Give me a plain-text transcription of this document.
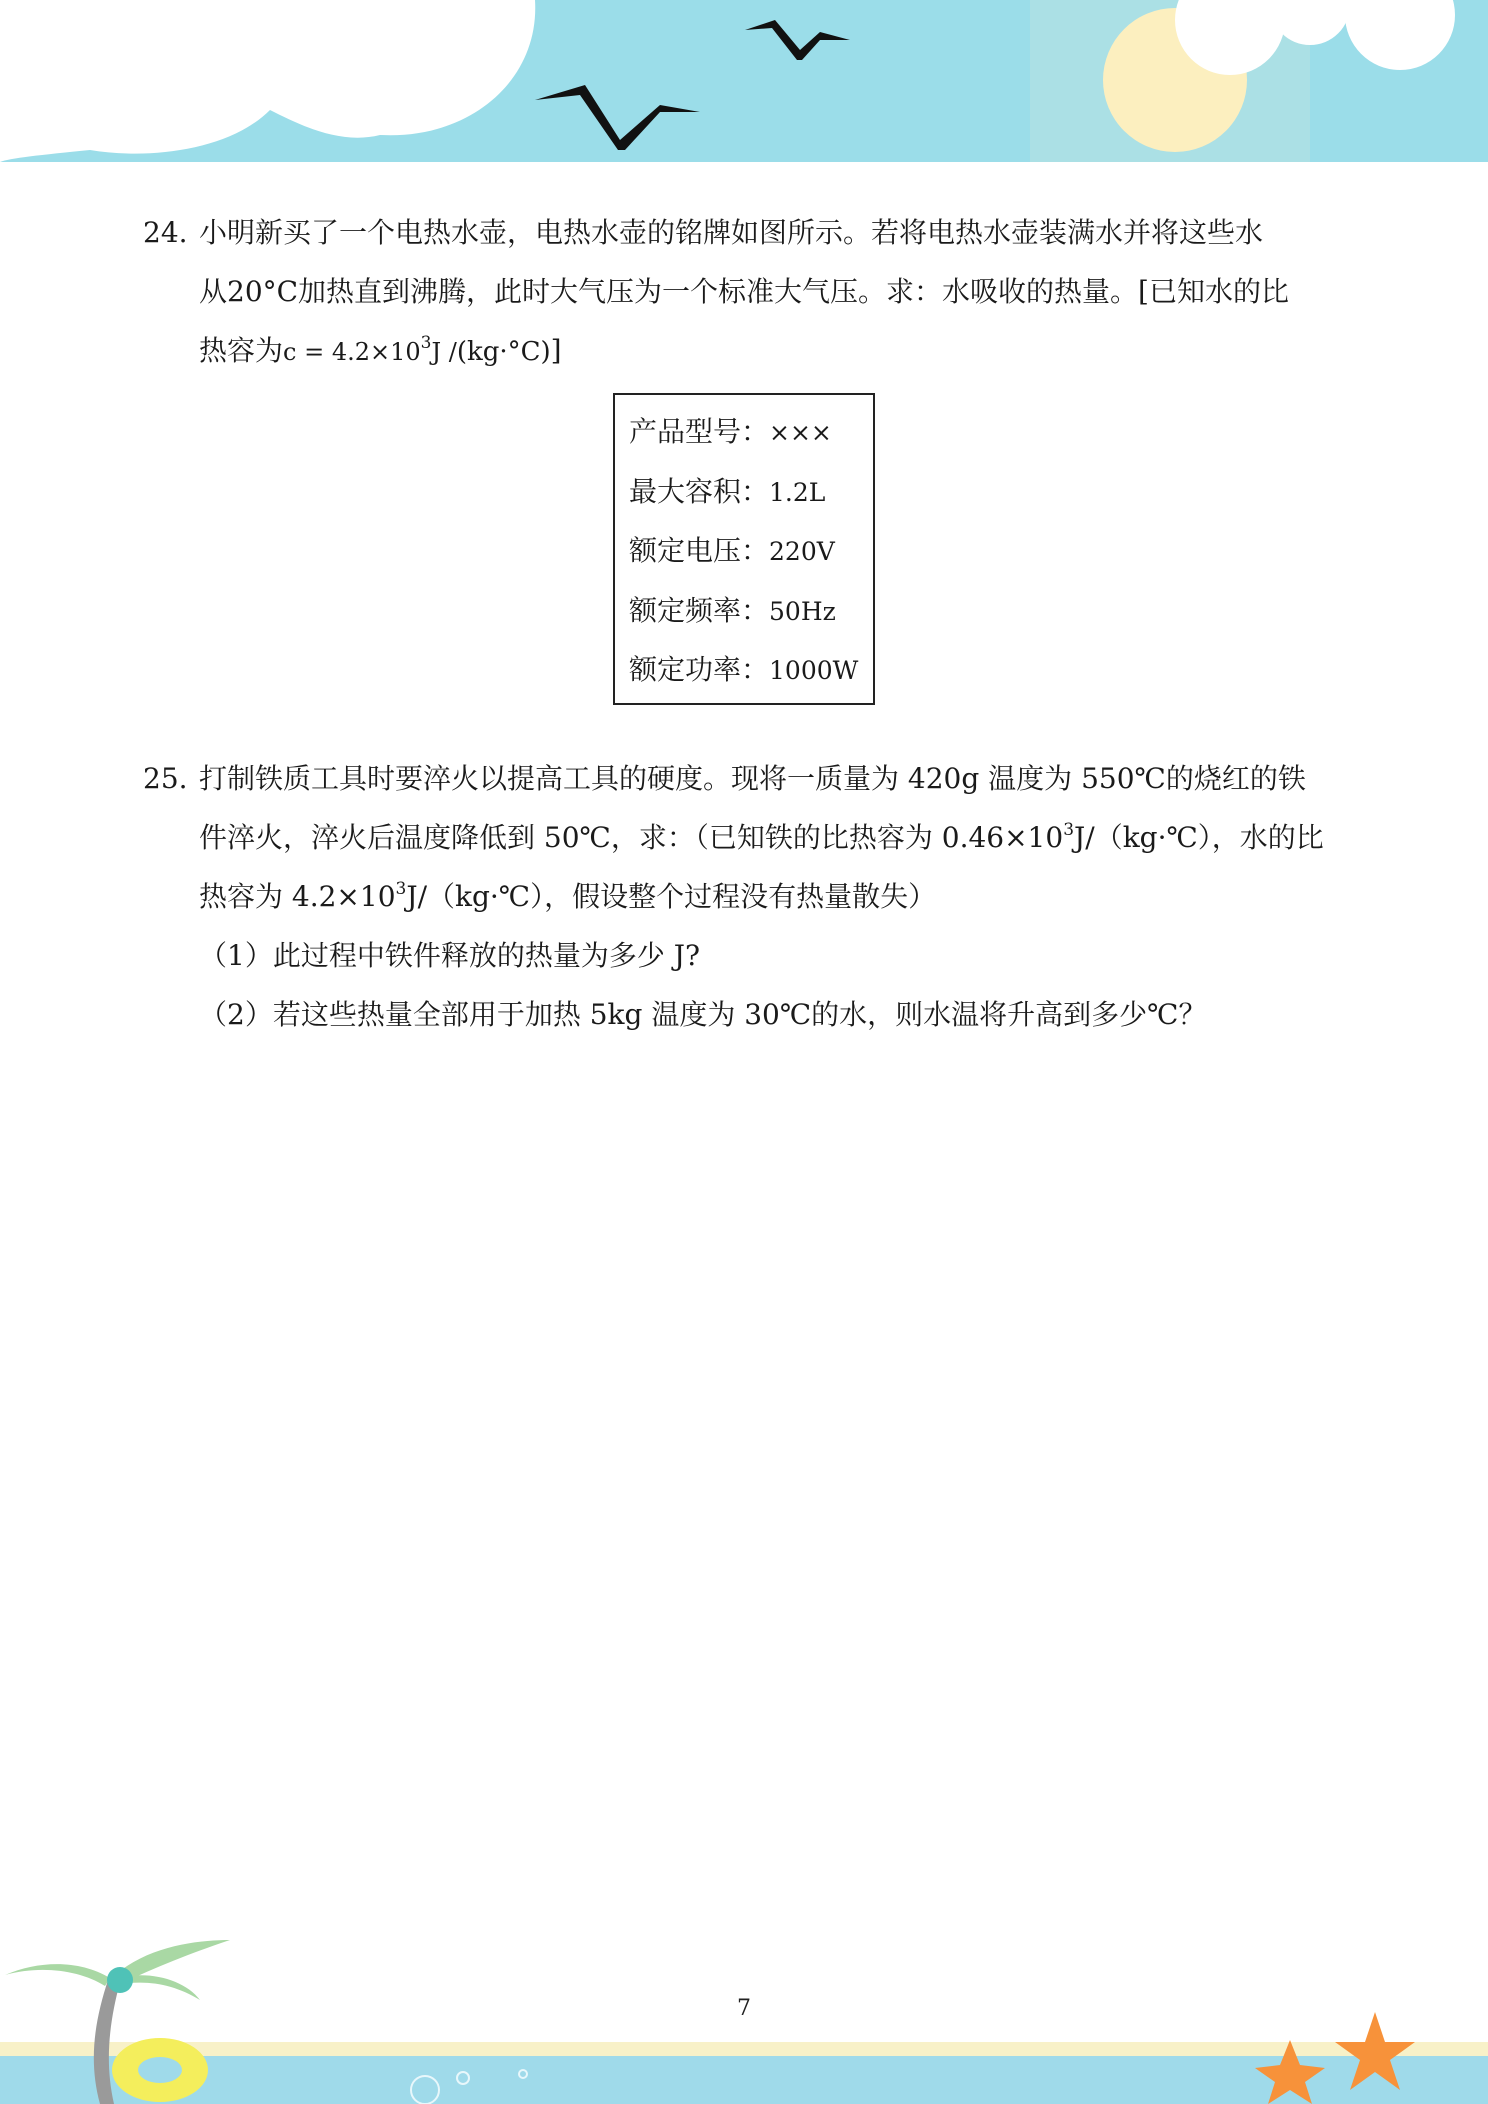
24. 小明新买了一个电热水壶，电热水壶的铭牌如图所示。若将电热水壶装满水并将这些水
从20°C加热直到沸腾，此时大气压为一个标准大气压。求：水吸收的热量。[已知水的比
热容为$c = 4.2\times 10^3J$ /(kg·°C)]
产品型号：×××
最大容积：1.2L
额定电压：220V
额定频率：50Hz
额定功率：1000W
25. 打制铁质工具时要淬火以提高工具的硬度。现将一质量为 420g 温度为 550℃的烧红的铁
件淬火，淬火后温度降低到 50℃，求：（已知铁的比热容为 $0.46\times 10^3J/(kg\cdot℃)$，水的比
热容为 $4.2\times 10^3J/(kg\cdot℃)$，假设整个过程没有热量散失）
（1）此过程中铁件释放的热量为多少 J?
（2）若这些热量全部用于加热 5kg 温度为 30℃的水，则水温将升高到多少℃？
7
